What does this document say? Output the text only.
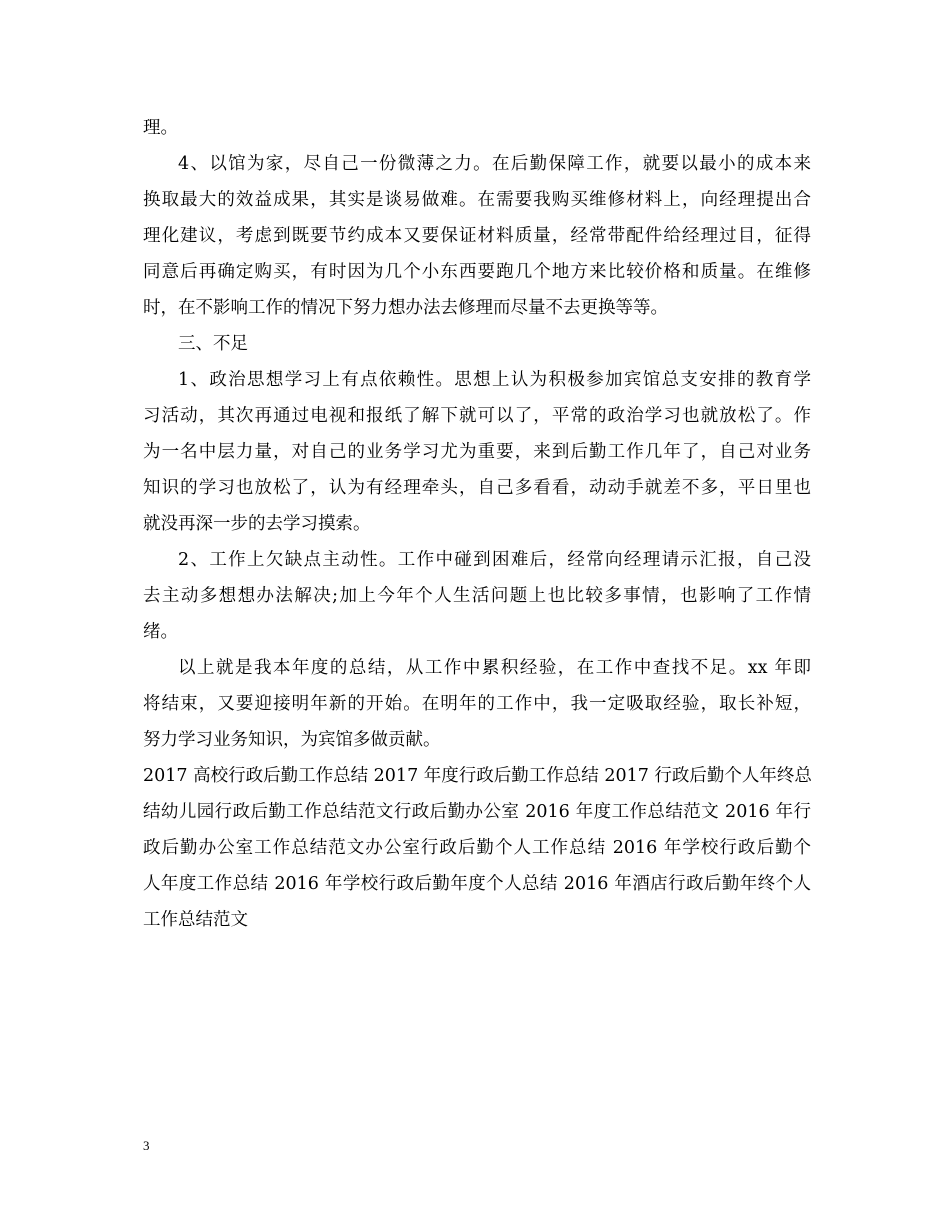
理。
4、以馆为家，尽自己一份微薄之力。在后勤保障工作，就要以最小的成本来
换取最大的效益成果，其实是谈易做难。在需要我购买维修材料上，向经理提出合
理化建议，考虑到既要节约成本又要保证材料质量，经常带配件给经理过目，征得
同意后再确定购买，有时因为几个小东西要跑几个地方来比较价格和质量。在维修
时，在不影响工作的情况下努力想办法去修理而尽量不去更换等等。
三、不足
1、政治思想学习上有点依赖性。思想上认为积极参加宾馆总支安排的教育学
习活动，其次再通过电视和报纸了解下就可以了，平常的政治学习也就放松了。作
为一名中层力量，对自己的业务学习尤为重要，来到后勤工作几年了，自己对业务
知识的学习也放松了，认为有经理牵头，自己多看看，动动手就差不多，平日里也
就没再深一步的去学习摸索。
2、工作上欠缺点主动性。工作中碰到困难后，经常向经理请示汇报，自己没
去主动多想想办法解决;加上今年个人生活问题上也比较多事情，也影响了工作情
绪。
以上就是我本年度的总结，从工作中累积经验，在工作中查找不足。xx 年即
将结束，又要迎接明年新的开始。在明年的工作中，我一定吸取经验，取长补短，
努力学习业务知识，为宾馆多做贡献。
2017 高校行政后勤工作总结 2017 年度行政后勤工作总结 2017 行政后勤个人年终总
结幼儿园行政后勤工作总结范文行政后勤办公室 2016 年度工作总结范文 2016 年行
政后勤办公室工作总结范文办公室行政后勤个人工作总结 2016 年学校行政后勤个
人年度工作总结 2016 年学校行政后勤年度个人总结 2016 年酒店行政后勤年终个人
工作总结范文
3
